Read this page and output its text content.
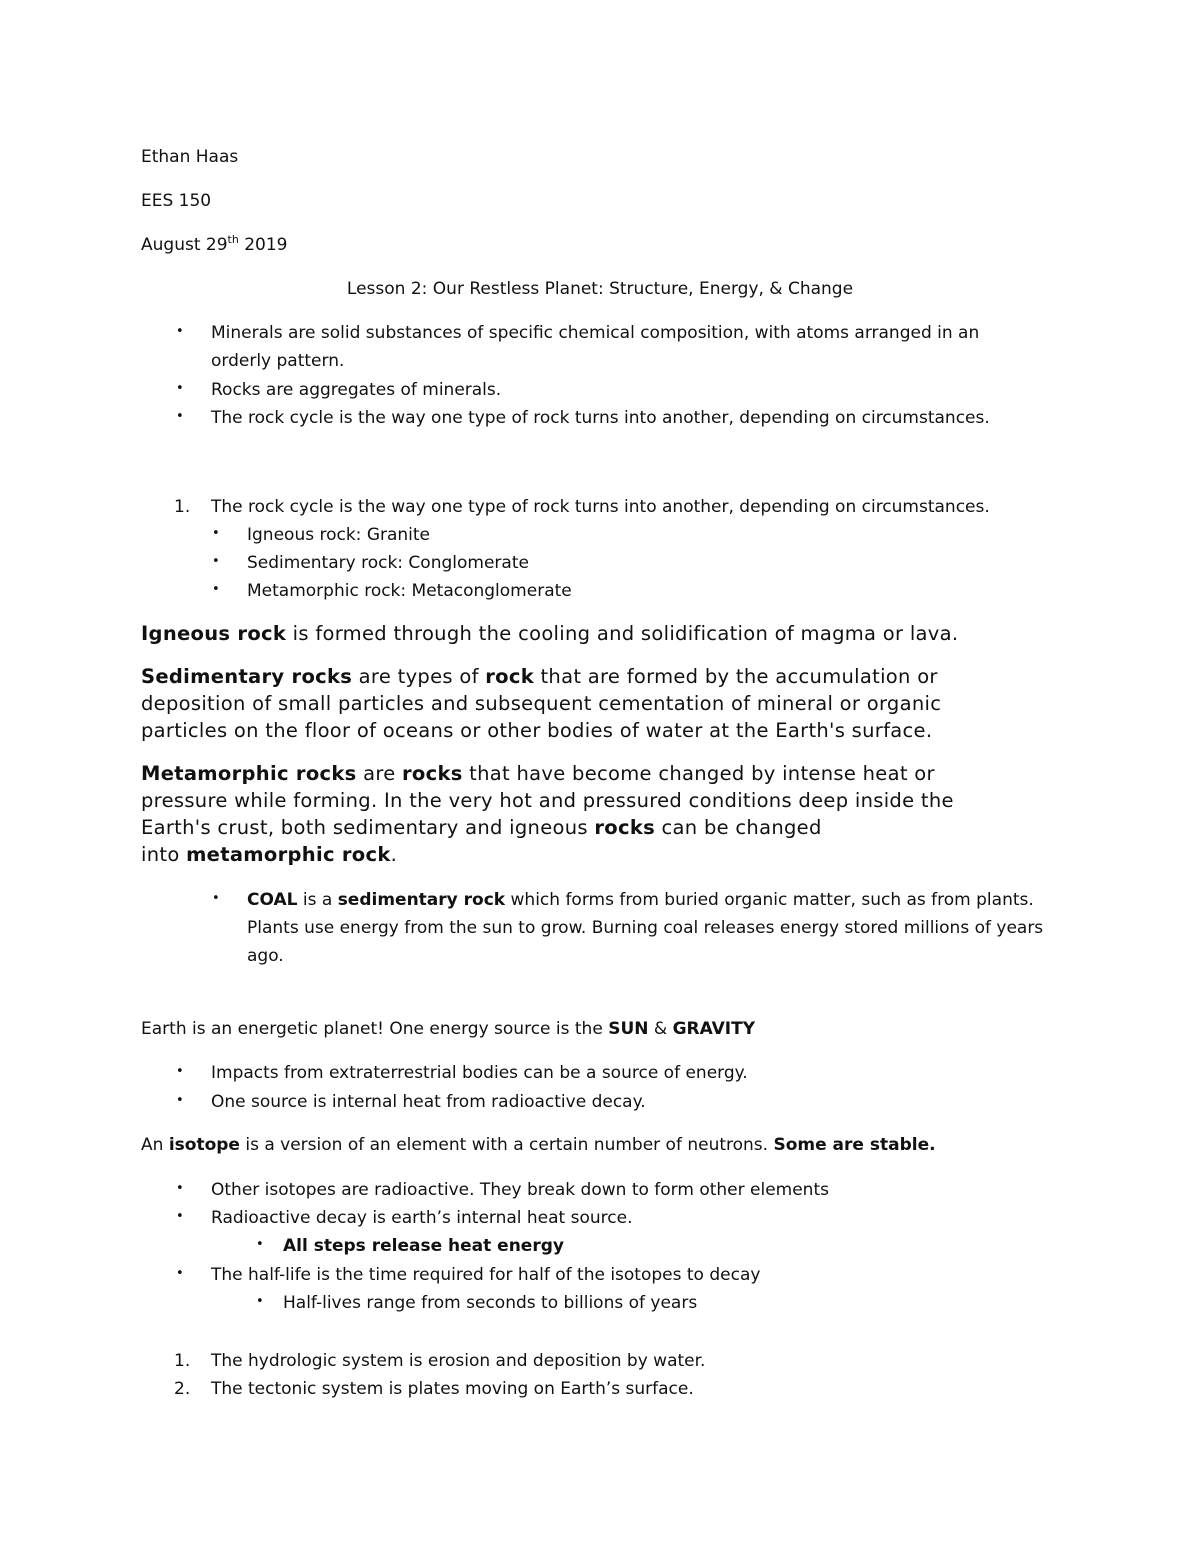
Ethan Haas
EES 150
August 29th 2019
Lesson 2: Our Restless Planet: Structure, Energy, & Change
• Minerals are solid substances of specific chemical composition, with atoms arranged in an
orderly pattern.
• Rocks are aggregates of minerals.
• The rock cycle is the way one type of rock turns into another, depending on circumstances.
1. The rock cycle is the way one type of rock turns into another, depending on circumstances.
• Igneous rock: Granite
• Sedimentary rock: Conglomerate
• Metamorphic rock: Metaconglomerate
Igneous rock is formed through the cooling and solidification of magma or lava.
Sedimentary rocks are types of rock that are formed by the accumulation or
deposition of small particles and subsequent cementation of mineral or organic
particles on the floor of oceans or other bodies of water at the Earth's surface.
Metamorphic rocks are rocks that have become changed by intense heat or
pressure while forming. In the very hot and pressured conditions deep inside the
Earth's crust, both sedimentary and igneous rocks can be changed
into metamorphic rock.
• COAL is a sedimentary rock which forms from buried organic matter, such as from plants.
Plants use energy from the sun to grow. Burning coal releases energy stored millions of years
ago.
Earth is an energetic planet! One energy source is the SUN & GRAVITY
• Impacts from extraterrestrial bodies can be a source of energy.
• One source is internal heat from radioactive decay.
An isotope is a version of an element with a certain number of neutrons. Some are stable.
• Other isotopes are radioactive. They break down to form other elements
• Radioactive decay is earth’s internal heat source.
• All steps release heat energy
• The half-life is the time required for half of the isotopes to decay
• Half-lives range from seconds to billions of years
1. The hydrologic system is erosion and deposition by water.
2. The tectonic system is plates moving on Earth’s surface.
